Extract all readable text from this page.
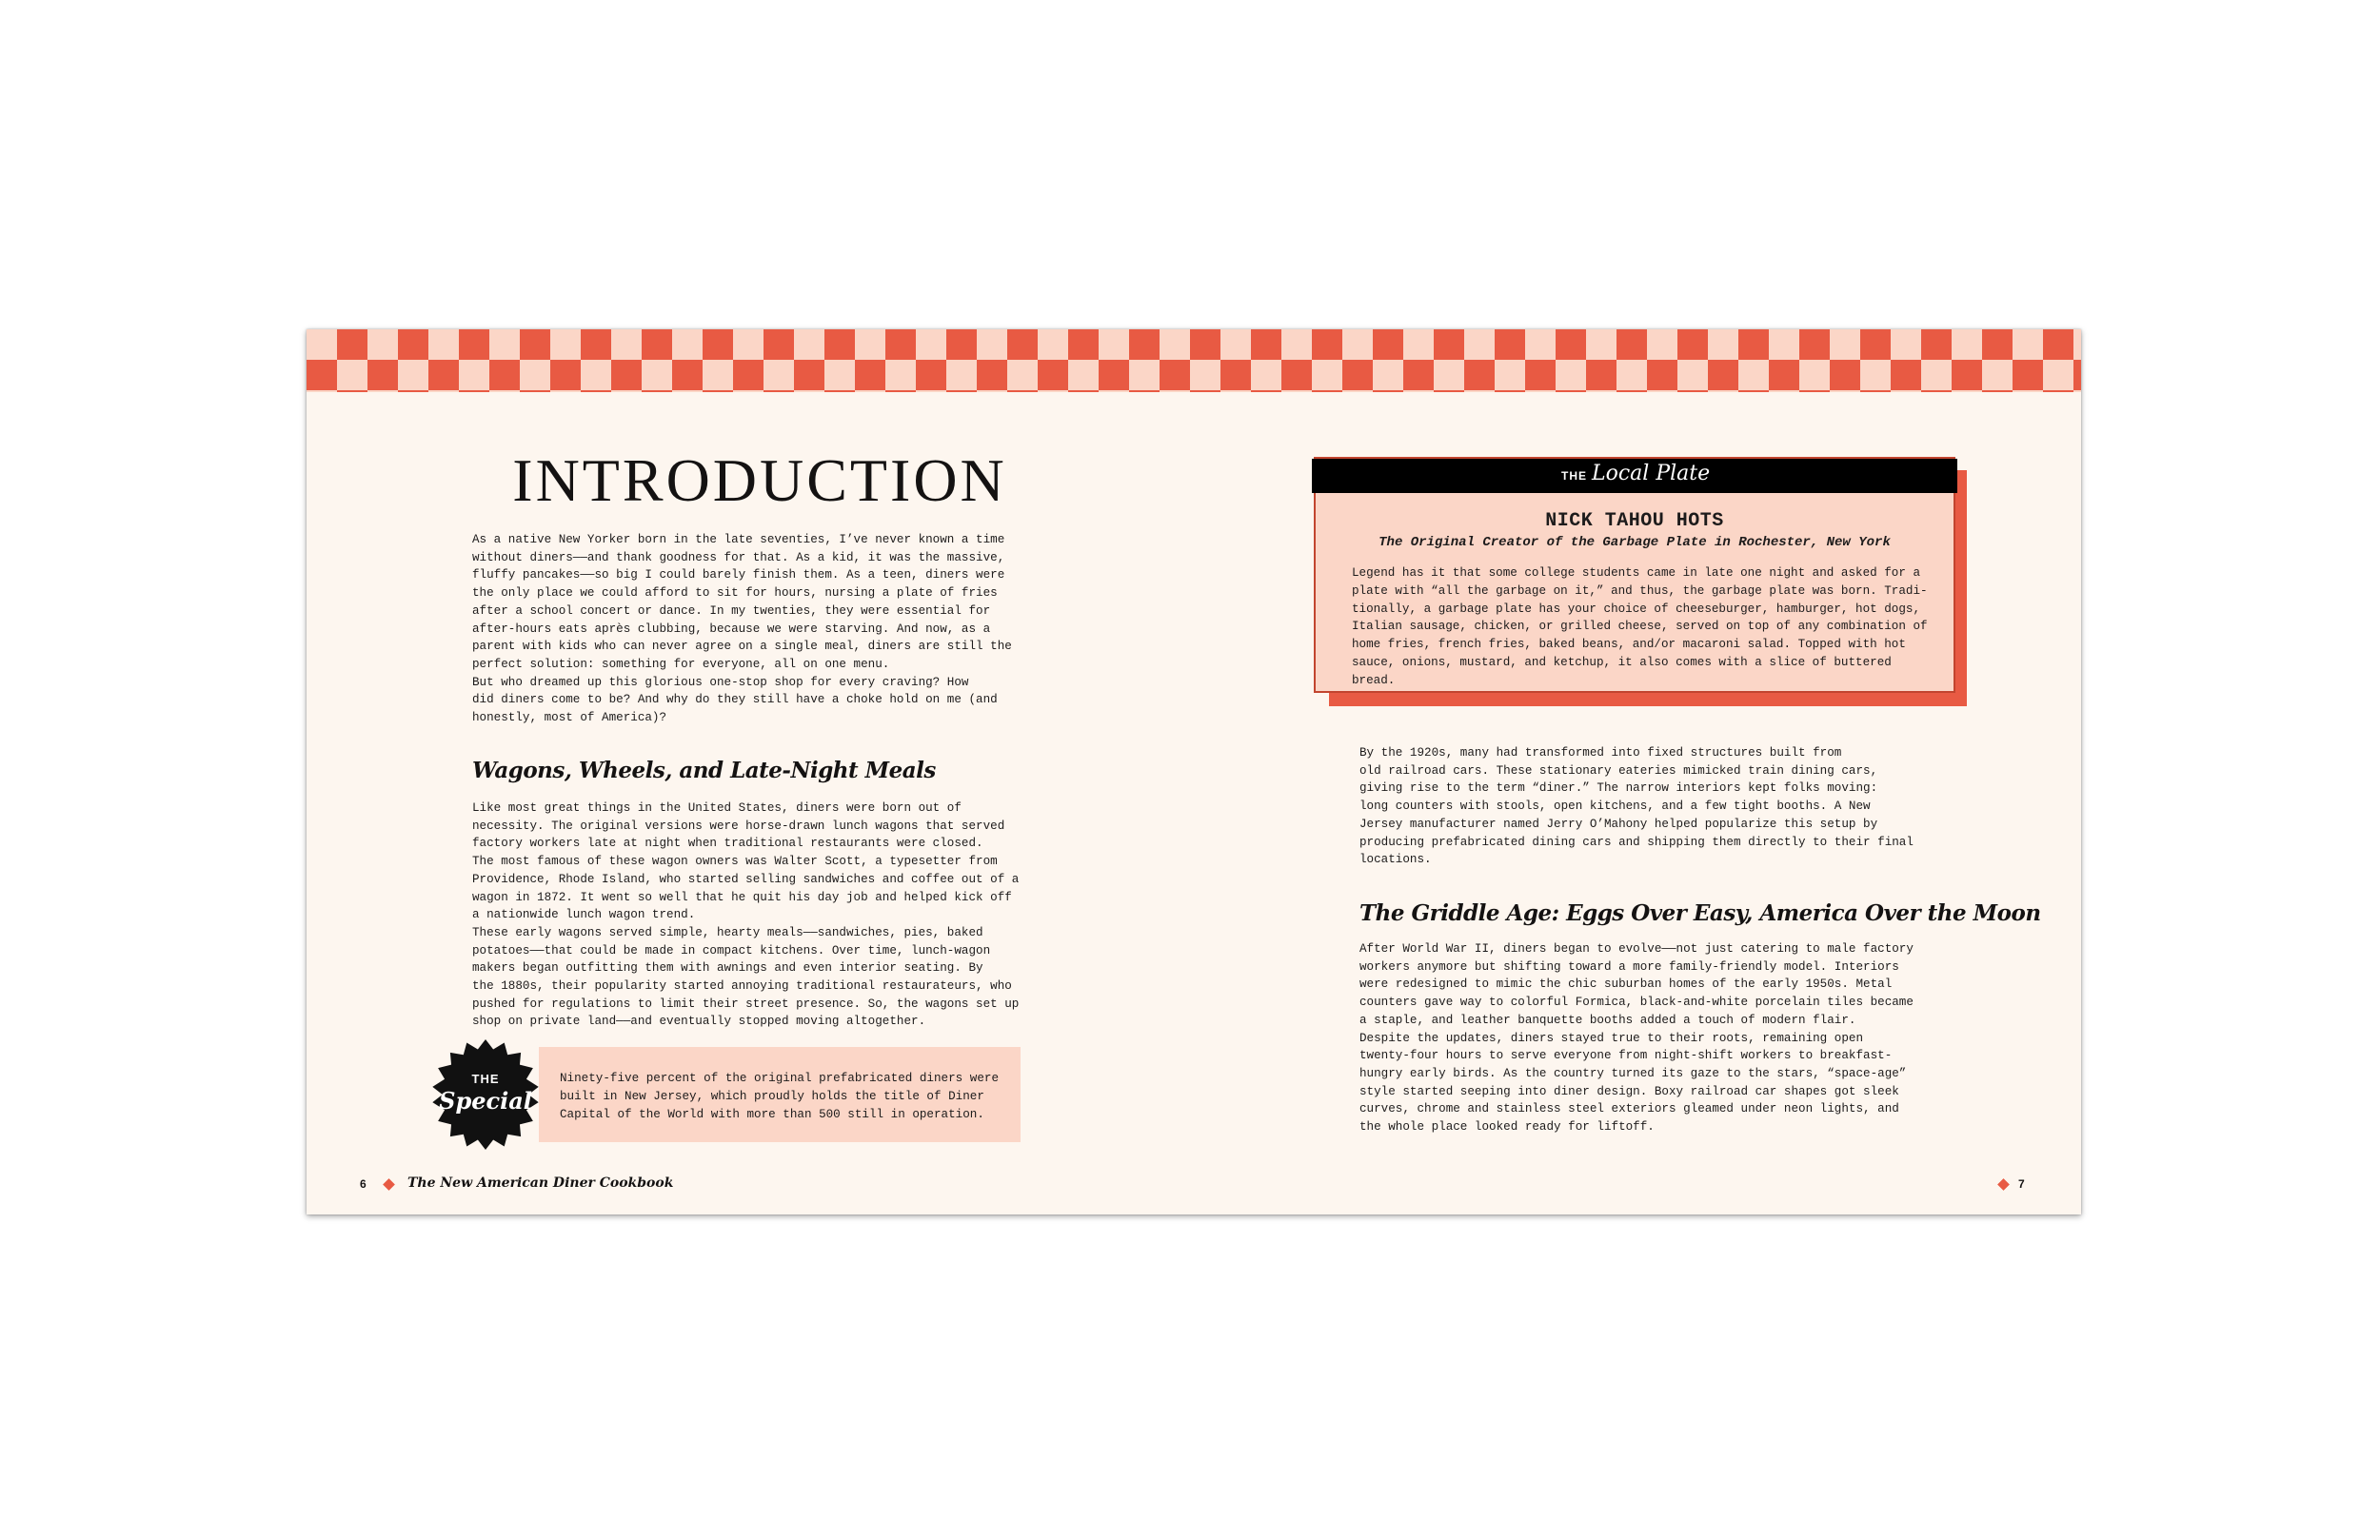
INTRODUCTION

As a native New Yorker born in the late seventies, I’ve never known a time
without diners——and thank goodness for that. As a kid, it was the massive,
fluffy pancakes——so big I could barely finish them. As a teen, diners were
the only place we could afford to sit for hours, nursing a plate of fries
after a school concert or dance. In my twenties, they were essential for
after-hours eats après clubbing, because we were starving. And now, as a
parent with kids who can never agree on a single meal, diners are still the
perfect solution: something for everyone, all on one menu.
But who dreamed up this glorious one-stop shop for every craving? How
did diners come to be? And why do they still have a choke hold on me (and
honestly, most of America)?

Wagons, Wheels, and Late-Night Meals

Like most great things in the United States, diners were born out of
necessity. The original versions were horse-drawn lunch wagons that served
factory workers late at night when traditional restaurants were closed.
The most famous of these wagon owners was Walter Scott, a typesetter from
Providence, Rhode Island, who started selling sandwiches and coffee out of a
wagon in 1872. It went so well that he quit his day job and helped kick off
a nationwide lunch wagon trend.
These early wagons served simple, hearty meals——sandwiches, pies, baked
potatoes——that could be made in compact kitchens. Over time, lunch-wagon
makers began outfitting them with awnings and even interior seating. By
the 1880s, their popularity started annoying traditional restaurateurs, who
pushed for regulations to limit their street presence. So, the wagons set up
shop on private land——and eventually stopped moving altogether.

THE
Special
Ninety-five percent of the original prefabricated diners were
built in New Jersey, which proudly holds the title of Diner
Capital of the World with more than 500 still in operation.
6	The New American Diner Cookbook
THE Local Plate
NICK TAHOU HOTS
The Original Creator of the Garbage Plate in Rochester, New York
Legend has it that some college students came in late one night and asked for a
plate with “all the garbage on it,” and thus, the garbage plate was born. Tradi-
tionally, a garbage plate has your choice of cheeseburger, hamburger, hot dogs,
Italian sausage, chicken, or grilled cheese, served on top of any combination of
home fries, french fries, baked beans, and/or macaroni salad. Topped with hot
sauce, onions, mustard, and ketchup, it also comes with a slice of buttered bread.

By the 1920s, many had transformed into fixed structures built from
old railroad cars. These stationary eateries mimicked train dining cars,
giving rise to the term “diner.” The narrow interiors kept folks moving:
long counters with stools, open kitchens, and a few tight booths. A New
Jersey manufacturer named Jerry O’Mahony helped popularize this setup by
producing prefabricated dining cars and shipping them directly to their final
locations.

The Griddle Age: Eggs Over Easy, America Over the Moon

After World War II, diners began to evolve——not just catering to male factory
workers anymore but shifting toward a more family-friendly model. Interiors
were redesigned to mimic the chic suburban homes of the early 1950s. Metal
counters gave way to colorful Formica, black-and-white porcelain tiles became
a staple, and leather banquette booths added a touch of modern flair.
Despite the updates, diners stayed true to their roots, remaining open
twenty-four hours to serve everyone from night-shift workers to breakfast-
hungry early birds. As the country turned its gaze to the stars, “space-age”
style started seeping into diner design. Boxy railroad car shapes got sleek
curves, chrome and stainless steel exteriors gleamed under neon lights, and
the whole place looked ready for liftoff.

7
